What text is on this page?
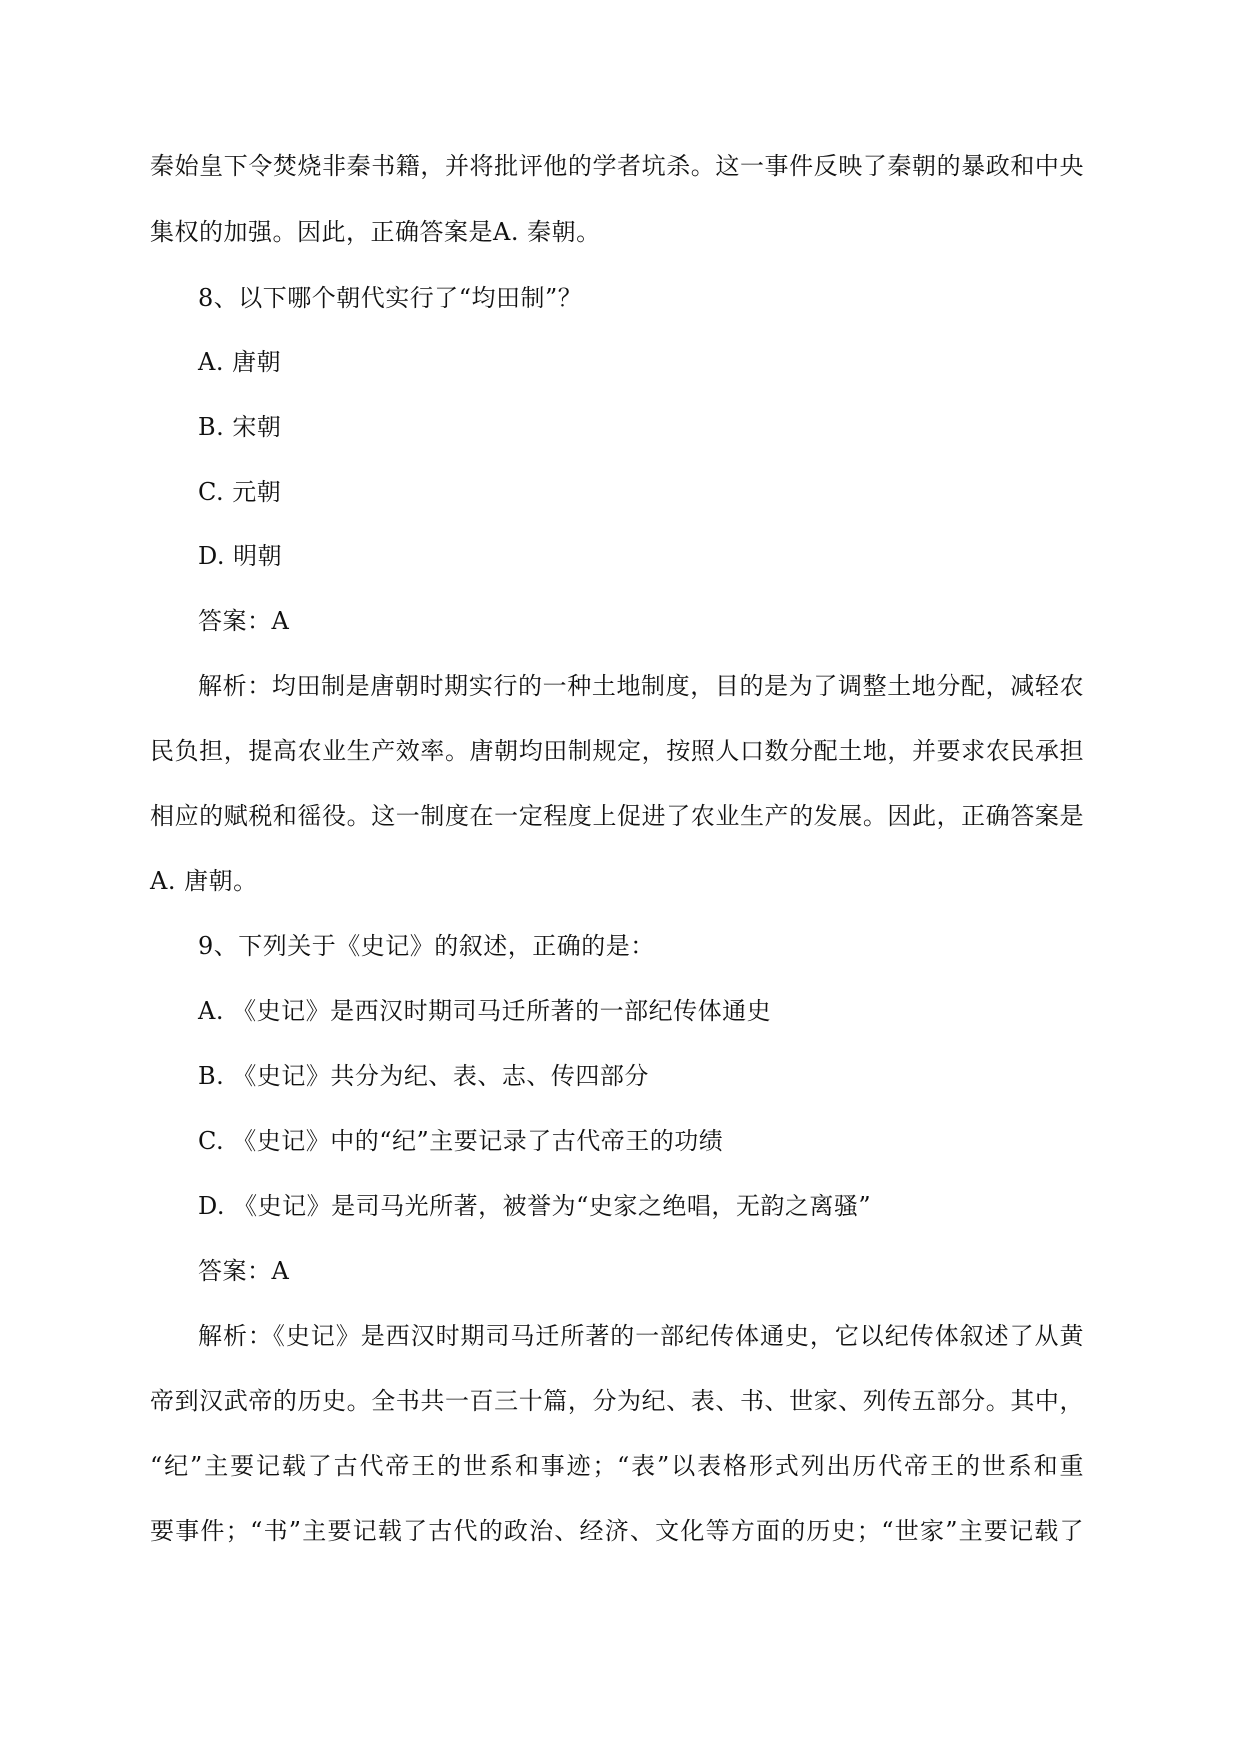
秦始皇下令焚烧非秦书籍，并将批评他的学者坑杀。这一事件反映了秦朝的暴政和中央

集权的加强。因此，正确答案是A. 秦朝。

8、以下哪个朝代实行了“均田制”？

A. 唐朝

B. 宋朝

C. 元朝

D. 明朝

答案：A

解析：均田制是唐朝时期实行的一种土地制度，目的是为了调整土地分配，减轻农

民负担，提高农业生产效率。唐朝均田制规定，按照人口数分配土地，并要求农民承担

相应的赋税和徭役。这一制度在一定程度上促进了农业生产的发展。因此，正确答案是

A. 唐朝。

9、下列关于《史记》的叙述，正确的是：

A. 《史记》是西汉时期司马迁所著的一部纪传体通史

B. 《史记》共分为纪、表、志、传四部分

C. 《史记》中的“纪”主要记录了古代帝王的功绩

D. 《史记》是司马光所著，被誉为“史家之绝唱，无韵之离骚”

答案：A

解析：《史记》是西汉时期司马迁所著的一部纪传体通史，它以纪传体叙述了从黄

帝到汉武帝的历史。全书共一百三十篇，分为纪、表、书、世家、列传五部分。其中，

“纪”主要记载了古代帝王的世系和事迹；“表”以表格形式列出历代帝王的世系和重

要事件；“书”主要记载了古代的政治、经济、文化等方面的历史；“世家”主要记载了
